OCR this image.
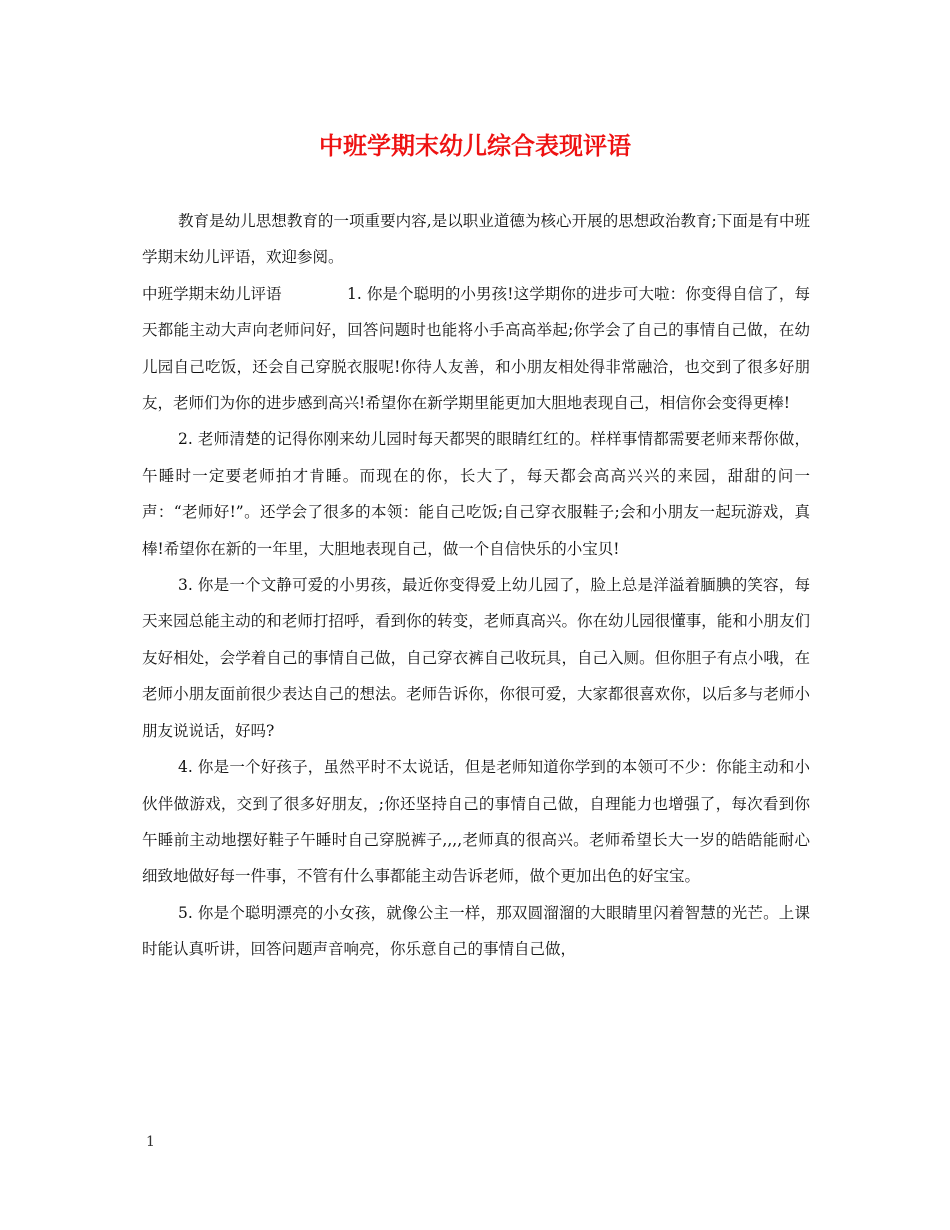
中班学期末幼儿综合表现评语

教育是幼儿思想教育的一项重要内容,是以职业道德为核心开展的思想政治教育;下面是有中班学期末幼儿评语，欢迎参阅。

中班学期末幼儿评语	1. 你是个聪明的小男孩!这学期你的进步可大啦：你变得自信了，每天都能主动大声向老师问好，回答问题时也能将小手高高举起;你学会了自己的事情自己做，在幼儿园自己吃饭，还会自己穿脱衣服呢!你待人友善，和小朋友相处得非常融洽，也交到了很多好朋友，老师们为你的进步感到高兴!希望你在新学期里能更加大胆地表现自己，相信你会变得更棒!

2. 老师清楚的记得你刚来幼儿园时每天都哭的眼睛红红的。样样事情都需要老师来帮你做，午睡时一定要老师拍才肯睡。而现在的你，长大了，每天都会高高兴兴的来园，甜甜的问一声：“老师好!”。还学会了很多的本领：能自己吃饭;自己穿衣服鞋子;会和小朋友一起玩游戏，真棒!希望你在新的一年里，大胆地表现自己，做一个自信快乐的小宝贝!

3. 你是一个文静可爱的小男孩，最近你变得爱上幼儿园了，脸上总是洋溢着腼腆的笑容，每天来园总能主动的和老师打招呼，看到你的转变，老师真高兴。你在幼儿园很懂事，能和小朋友们友好相处，会学着自己的事情自己做，自己穿衣裤自己收玩具，自己入厕。但你胆子有点小哦，在老师小朋友面前很少表达自己的想法。老师告诉你，你很可爱，大家都很喜欢你，以后多与老师小朋友说说话，好吗?

4. 你是一个好孩子，虽然平时不太说话，但是老师知道你学到的本领可不少：你能主动和小伙伴做游戏，交到了很多好朋友，;你还坚持自己的事情自己做，自理能力也增强了，每次看到你午睡前主动地摆好鞋子午睡时自己穿脱裤子,,,,老师真的很高兴。老师希望长大一岁的皓皓能耐心细致地做好每一件事，不管有什么事都能主动告诉老师，做个更加出色的好宝宝。

5. 你是个聪明漂亮的小女孩，就像公主一样，那双圆溜溜的大眼睛里闪着智慧的光芒。上课时能认真听讲，回答问题声音响亮，你乐意自己的事情自己做，

1
